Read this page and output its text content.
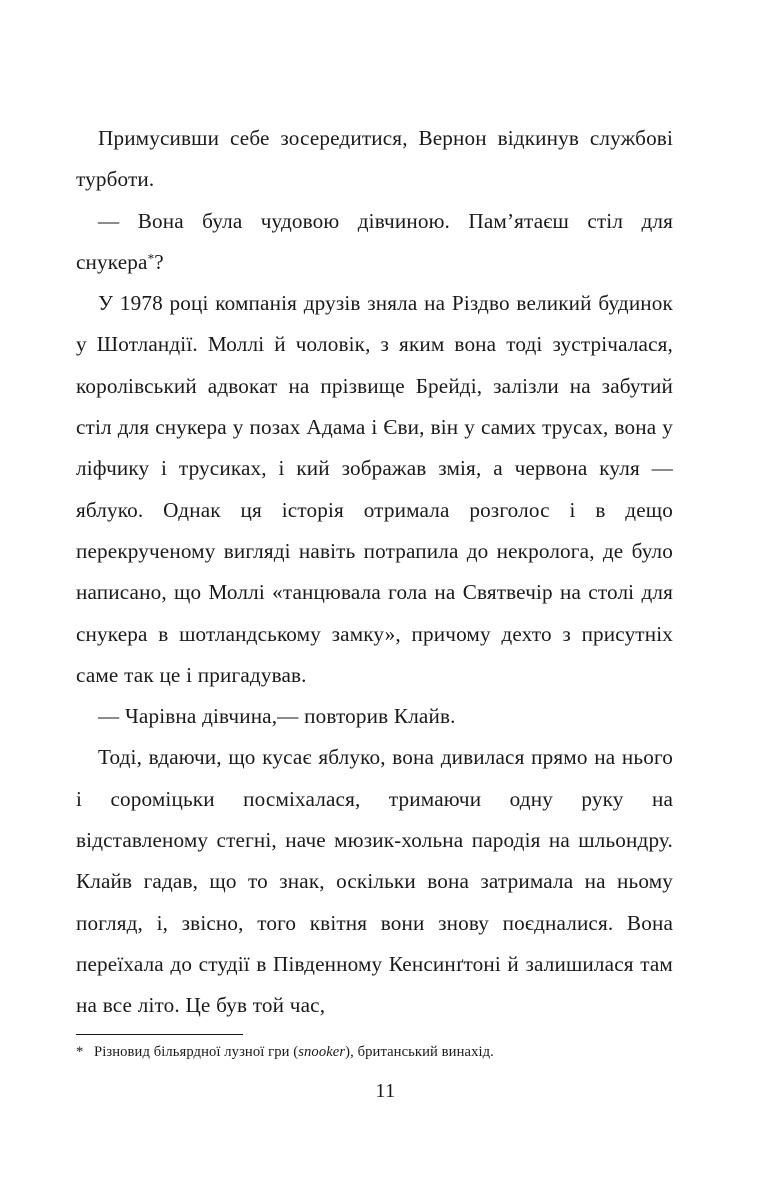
Примусивши себе зосередитися, Вернон відкинув службові турботи.

— Вона була чудовою дівчиною. Пам’ятаєш стіл для снукера*?

У 1978 році компанія друзів зняла на Різдво великий будинок у Шотландії. Моллі й чоловік, з яким вона тоді зустрічалася, королівський адвокат на прізвище Брейді, залізли на забутий стіл для снукера у позах Адама і Єви, він у самих трусах, вона у ліфчику і трусиках, і кий зображав змія, а червона куля — яблуко. Однак ця історія отримала розголос і в дещо перекрученому вигляді навіть потрапила до некролога, де було написано, що Моллі «танцювала гола на Святвечір на столі для снукера в шотландському замку», причому дехто з присутніх саме так це і пригадував.

— Чарівна дівчина,— повторив Клайв.

Тоді, вдаючи, що кусає яблуко, вона дивилася прямо на нього і сороміцьки посміхалася, тримаючи одну руку на відставленому стегні, наче мюзик-хольна пародія на шльондру. Клайв гадав, що то знак, оскільки вона затримала на ньому погляд, і, звісно, того квітня вони знову поєдналися. Вона переїхала до студії в Південному Кенсинґтоні й залишилася там на все літо. Це був той час,

* Різновид більярдної лузної гри (snooker), британський винахід.

11
